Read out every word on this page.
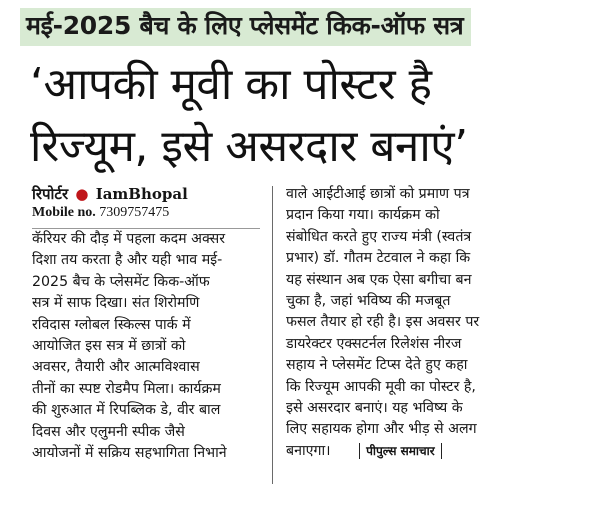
मई-2025 बैच के लिए प्लेसमेंट किक-ऑफ सत्र
‘आपकी मूवी का पोस्टर है
रिज्यूम, इसे असरदार बनाएं’
रिपोर्टर ● IamBhopal
Mobile no. 7309757475
कॅरियर की दौड़ में पहला कदम अक्सर
दिशा तय करता है और यही भाव मई-
2025 बैच के प्लेसमेंट किक-ऑफ
सत्र में साफ दिखा। संत शिरोमणि
रविदास ग्लोबल स्किल्स पार्क में
आयोजित इस सत्र में छात्रों को
अवसर, तैयारी और आत्मविश्वास
तीनों का स्पष्ट रोडमैप मिला। कार्यक्रम
की शुरुआत में रिपब्लिक डे, वीर बाल
दिवस और एलुमनी स्पीक जैसे
आयोजनों में सक्रिय सहभागिता निभाने
वाले आईटीआई छात्रों को प्रमाण पत्र
प्रदान किया गया। कार्यक्रम को
संबोधित करते हुए राज्य मंत्री (स्वतंत्र
प्रभार) डॉ. गौतम टेटवाल ने कहा कि
यह संस्थान अब एक ऐसा बगीचा बन
चुका है, जहां भविष्य की मजबूत
फसल तैयार हो रही है। इस अवसर पर
डायरेक्टर एक्सटर्नल रिलेशंस नीरज
सहाय ने प्लेसमेंट टिप्स देते हुए कहा
कि रिज्यूम आपकी मूवी का पोस्टर है,
इसे असरदार बनाएं। यह भविष्य के
लिए सहायक होगा और भीड़ से अलग
बनाएगा।	पीपुल्स समाचार
